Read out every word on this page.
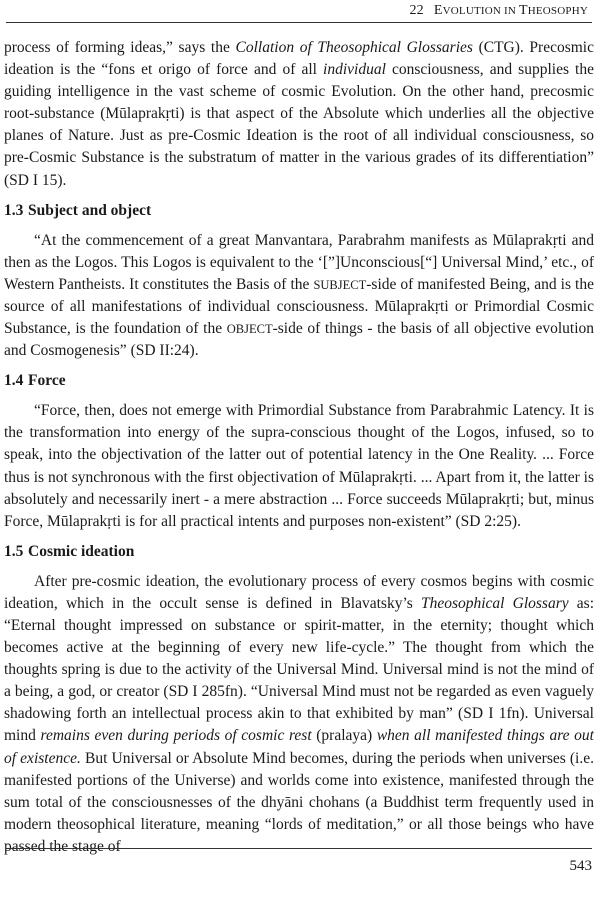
22 EVOLUTION IN THEOSOPHY

process of forming ideas,” says the Collation of Theosophical Glossaries (CTG). Precosmic ideation is the “fons et origo of force and of all individual consciousness, and supplies the guiding intelligence in the vast scheme of cosmic Evolution. On the other hand, precosmic root-substance (Mūlaprakṛti) is that aspect of the Absolute which underlies all the objective planes of Nature. Just as pre-Cosmic Ideation is the root of all individual consciousness, so pre-Cosmic Substance is the substratum of matter in the various grades of its differentiation” (SD I 15).

1.3 Subject and object

“At the commencement of a great Manvantara, Parabrahm manifests as Mūlaprakṛti and then as the Logos. This Logos is equivalent to the ‘[”]Unconscious[“] Universal Mind,’ etc., of Western Pantheists. It constitutes the Basis of the SUBJECT-side of manifested Being, and is the source of all manifestations of individual consciousness. Mūlaprakṛti or Primordial Cosmic Substance, is the foundation of the OBJECT-side of things - the basis of all objective evolution and Cosmogenesis” (SD II:24).

1.4 Force

“Force, then, does not emerge with Primordial Substance from Parabrahmic Latency. It is the transformation into energy of the supra-conscious thought of the Logos, infused, so to speak, into the objectivation of the latter out of potential latency in the One Reality. ... Force thus is not synchronous with the first objectivation of Mūlaprakṛti. ... Apart from it, the latter is absolutely and necessarily inert - a mere abstraction ... Force succeeds Mūlaprakṛti; but, minus Force, Mūlaprakṛti is for all practical intents and purposes non-existent” (SD 2:25).

1.5 Cosmic ideation

After pre-cosmic ideation, the evolutionary process of every cosmos begins with cosmic ideation, which in the occult sense is defined in Blavatsky’s Theosophical Glossary as: “Eternal thought impressed on substance or spirit-matter, in the eternity; thought which becomes active at the beginning of every new life-cycle.” The thought from which the thoughts spring is due to the activity of the Universal Mind. Universal mind is not the mind of a being, a god, or creator (SD I 285fn). “Universal Mind must not be regarded as even vaguely shadowing forth an intellectual process akin to that exhibited by man” (SD I 1fn). Universal mind remains even during periods of cosmic rest (pralaya) when all manifested things are out of existence. But Universal or Absolute Mind becomes, during the periods when universes (i.e. manifested portions of the Universe) and worlds come into existence, manifested through the sum total of the consciousnesses of the dhyāni chohans (a Buddhist term frequently used in modern theosophical literature, meaning “lords of meditation,” or all those beings who have passed the stage of

543
